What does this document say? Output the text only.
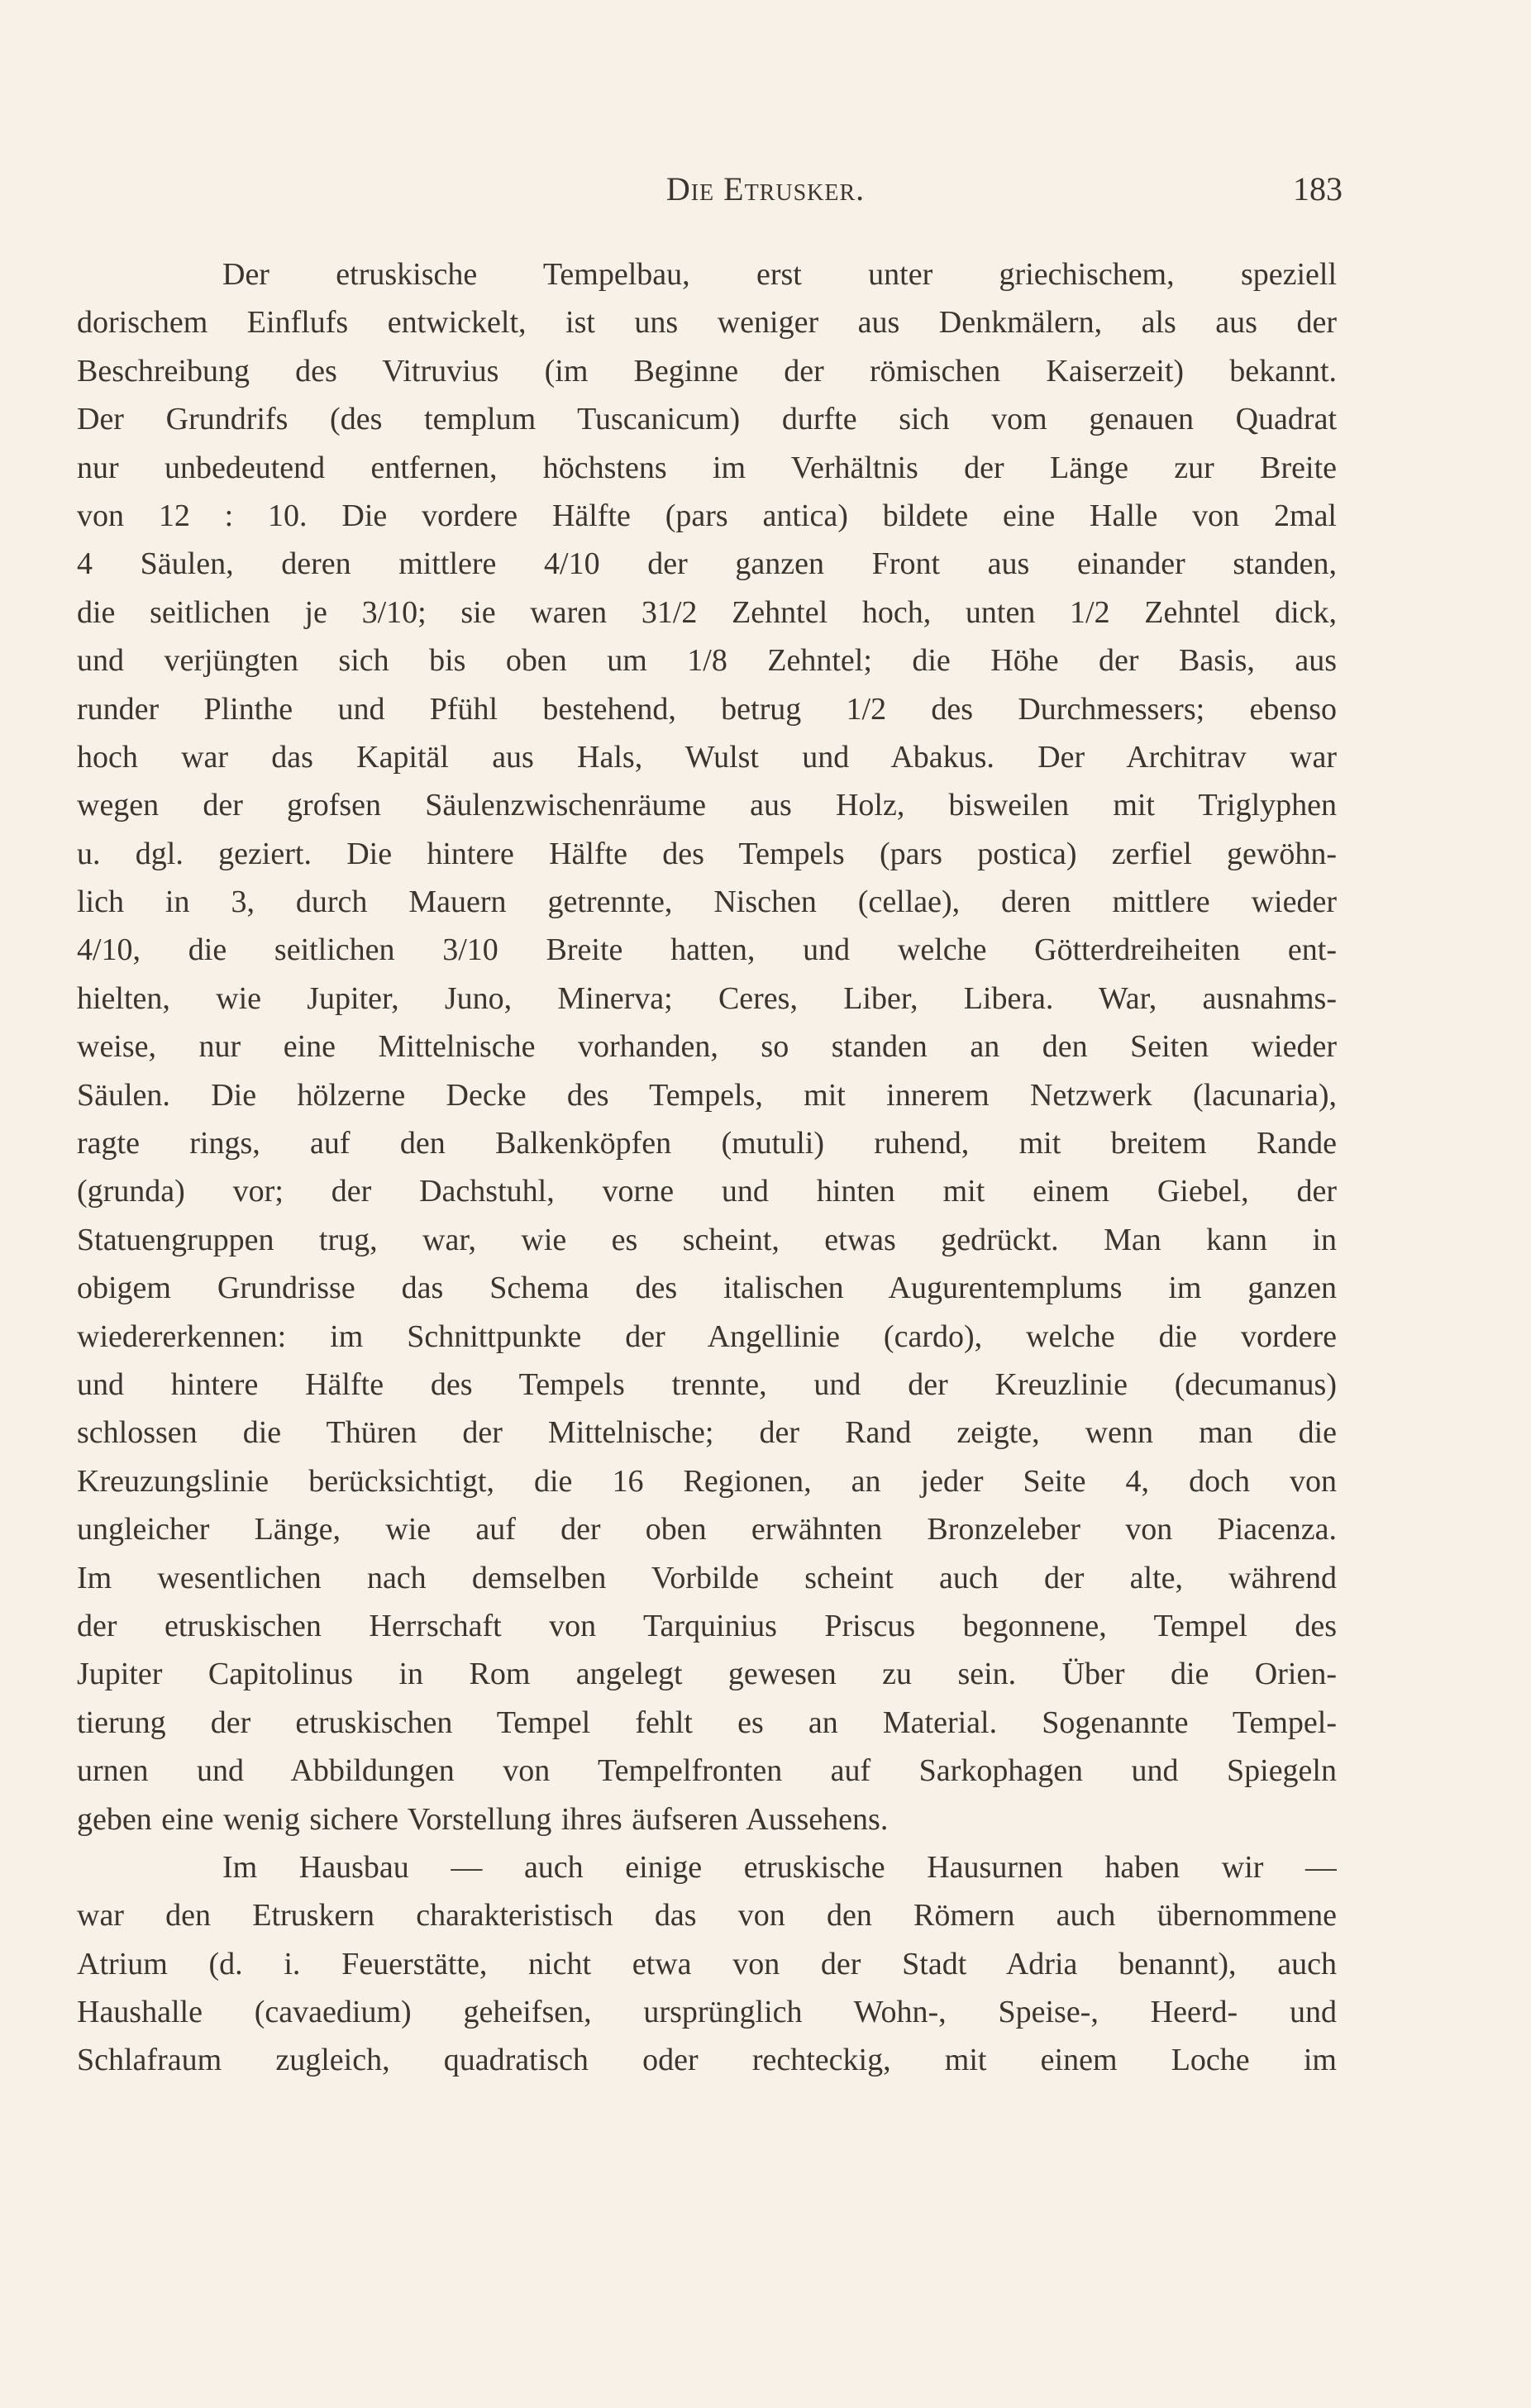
Die Etrusker.	183
Der etruskische Tempelbau, erst unter griechischem, speziell
dorischem Einflufs entwickelt, ist uns weniger aus Denkmälern, als aus der
Beschreibung des Vitruvius (im Beginne der römischen Kaiserzeit) bekannt.
Der Grundrifs (des templum Tuscanicum) durfte sich vom genauen Quadrat
nur unbedeutend entfernen, höchstens im Verhältnis der Länge zur Breite
von 12 : 10. Die vordere Hälfte (pars antica) bildete eine Halle von 2mal
4 Säulen, deren mittlere 4/10 der ganzen Front aus einander standen,
die seitlichen je 3/10; sie waren 31/2 Zehntel hoch, unten 1/2 Zehntel dick,
und verjüngten sich bis oben um 1/8 Zehntel; die Höhe der Basis, aus
runder Plinthe und Pfühl bestehend, betrug 1/2 des Durchmessers; ebenso
hoch war das Kapitäl aus Hals, Wulst und Abakus. Der Architrav war
wegen der grofsen Säulenzwischenräume aus Holz, bisweilen mit Triglyphen
u. dgl. geziert. Die hintere Hälfte des Tempels (pars postica) zerfiel gewöhn-
lich in 3, durch Mauern getrennte, Nischen (cellae), deren mittlere wieder
4/10, die seitlichen 3/10 Breite hatten, und welche Götterdreiheiten ent-
hielten, wie Jupiter, Juno, Minerva; Ceres, Liber, Libera. War, ausnahms-
weise, nur eine Mittelnische vorhanden, so standen an den Seiten wieder
Säulen. Die hölzerne Decke des Tempels, mit innerem Netzwerk (lacunaria),
ragte rings, auf den Balkenköpfen (mutuli) ruhend, mit breitem Rande
(grunda) vor; der Dachstuhl, vorne und hinten mit einem Giebel, der
Statuengruppen trug, war, wie es scheint, etwas gedrückt. Man kann in
obigem Grundrisse das Schema des italischen Augurentemplums im ganzen
wiedererkennen: im Schnittpunkte der Angellinie (cardo), welche die vordere
und hintere Hälfte des Tempels trennte, und der Kreuzlinie (decumanus)
schlossen die Thüren der Mittelnische; der Rand zeigte, wenn man die
Kreuzungslinie berücksichtigt, die 16 Regionen, an jeder Seite 4, doch von
ungleicher Länge, wie auf der oben erwähnten Bronzeleber von Piacenza.
Im wesentlichen nach demselben Vorbilde scheint auch der alte, während
der etruskischen Herrschaft von Tarquinius Priscus begonnene, Tempel des
Jupiter Capitolinus in Rom angelegt gewesen zu sein. Über die Orien-
tierung der etruskischen Tempel fehlt es an Material. Sogenannte Tempel-
urnen und Abbildungen von Tempelfronten auf Sarkophagen und Spiegeln
geben eine wenig sichere Vorstellung ihres äufseren Aussehens.
Im Hausbau — auch einige etruskische Hausurnen haben wir —
war den Etruskern charakteristisch das von den Römern auch übernommene
Atrium (d. i. Feuerstätte, nicht etwa von der Stadt Adria benannt), auch
Haushalle (cavaedium) geheifsen, ursprünglich Wohn-, Speise-, Heerd- und
Schlafraum zugleich, quadratisch oder rechteckig, mit einem Loche im
